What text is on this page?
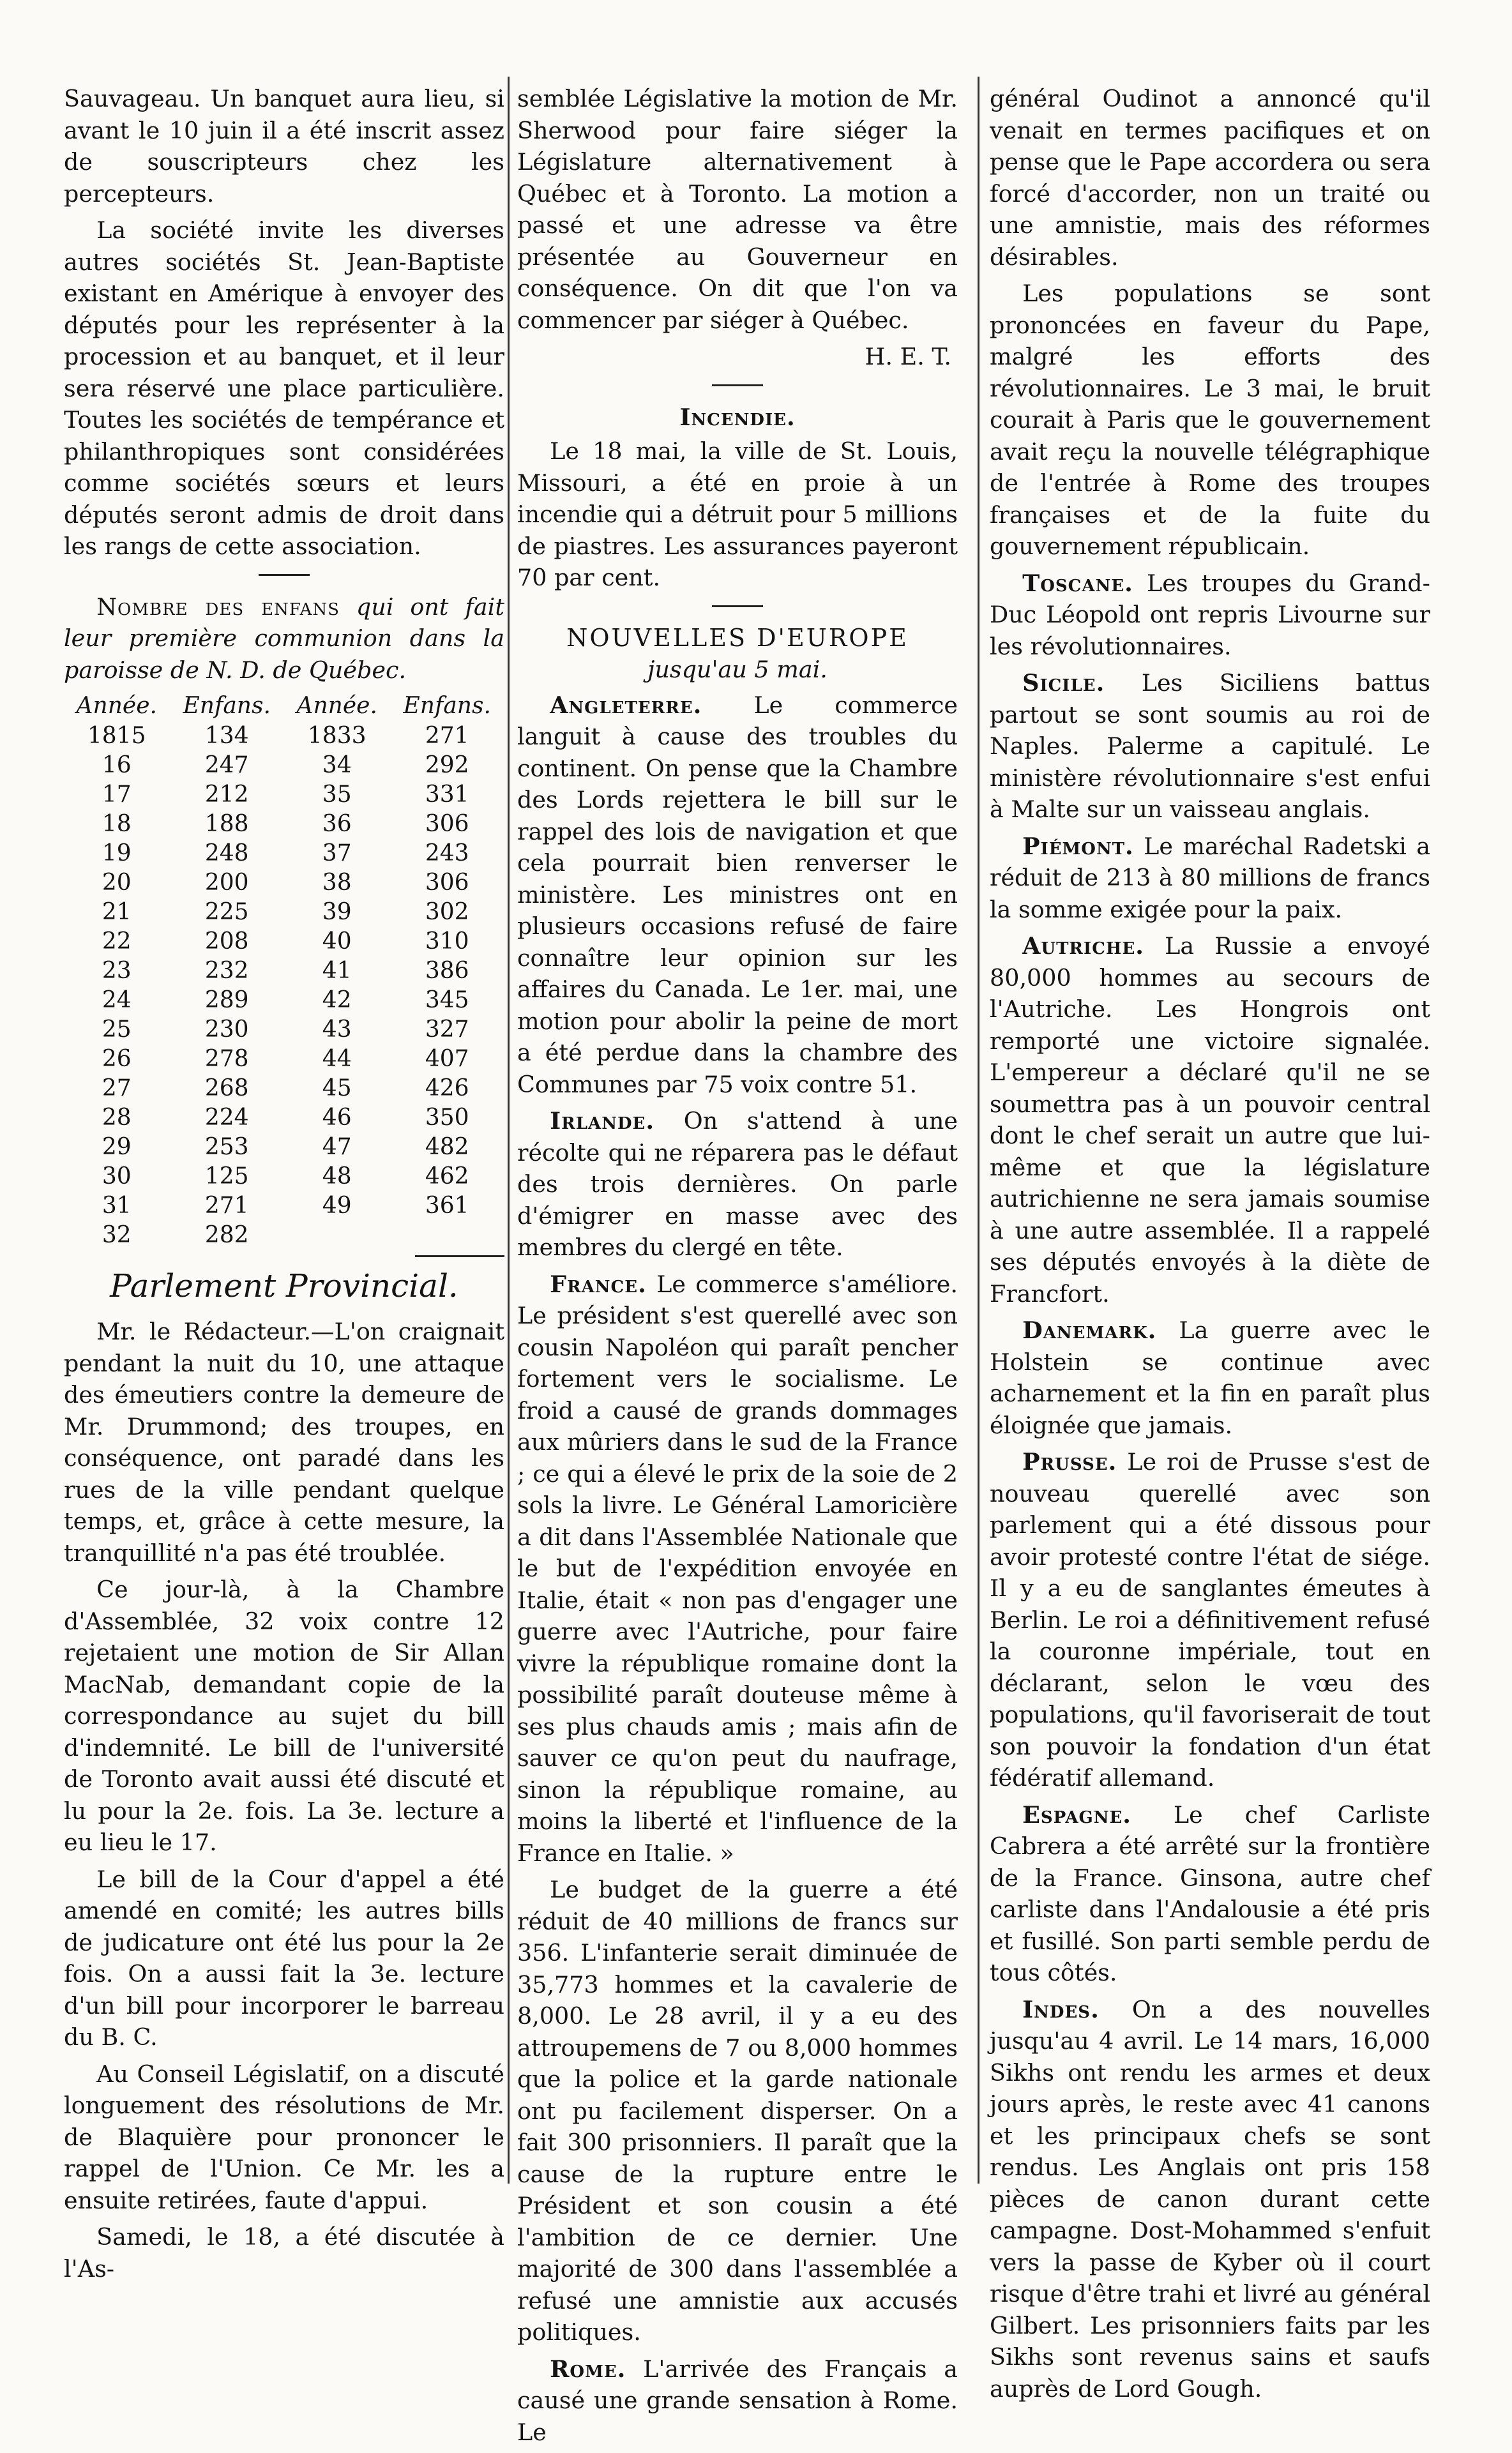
Sauvageau. Un banquet aura lieu, si avant le 10 juin il a été inscrit assez de souscripteurs chez les percepteurs.

La société invite les diverses autres sociétés St. Jean-Baptiste existant en Amérique à envoyer des députés pour les représenter à la procession et au banquet, et il leur sera réservé une place particulière. Toutes les sociétés de tempérance et philanthropiques sont considérées comme sociétés sœurs et leurs députés seront admis de droit dans les rangs de cette association.

Nombre des enfans qui ont fait leur première communion dans la paroisse de N. D. de Québec.

Année.	Enfans.	Année.	Enfans.
1815	134	1833	271
16	247	34	292
17	212	35	331
18	188	36	306
19	248	37	243
20	200	38	306
21	225	39	302
22	208	40	310
23	232	41	386
24	289	42	345
25	230	43	327
26	278	44	407
27	268	45	426
28	224	46	350
29	253	47	482
30	125	48	462
31	271	49	361
32	282		
Parlement Provincial.

Mr. le Rédacteur.—L'on craignait pendant la nuit du 10, une attaque des émeutiers contre la demeure de Mr. Drummond; des troupes, en conséquence, ont paradé dans les rues de la ville pendant quelque temps, et, grâce à cette mesure, la tranquillité n'a pas été troublée.

Ce jour-là, à la Chambre d'Assemblée, 32 voix contre 12 rejetaient une motion de Sir Allan MacNab, demandant copie de la correspondance au sujet du bill d'indemnité. Le bill de l'université de Toronto avait aussi été discuté et lu pour la 2e. fois. La 3e. lecture a eu lieu le 17.

Le bill de la Cour d'appel a été amendé en comité; les autres bills de judicature ont été lus pour la 2e fois. On a aussi fait la 3e. lecture d'un bill pour incorporer le barreau du B. C.

Au Conseil Législatif, on a discuté longuement des résolutions de Mr. de Blaquière pour prononcer le rappel de l'Union. Ce Mr. les a ensuite retirées, faute d'appui.

Samedi, le 18, a été discutée à l'As-

semblée Législative la motion de Mr. Sherwood pour faire siéger la Législature alternativement à Québec et à Toronto. La motion a passé et une adresse va être présentée au Gouverneur en conséquence. On dit que l'on va commencer par siéger à Québec.

H. E. T.
Incendie.

Le 18 mai, la ville de St. Louis, Missouri, a été en proie à un incendie qui a détruit pour 5 millions de piastres. Les assurances payeront 70 par cent.

NOUVELLES D'EUROPE
jusqu'au 5 mai.

Angleterre. Le commerce languit à cause des troubles du continent. On pense que la Chambre des Lords rejettera le bill sur le rappel des lois de navigation et que cela pourrait bien renverser le ministère. Les ministres ont en plusieurs occasions refusé de faire connaître leur opinion sur les affaires du Canada. Le 1er. mai, une motion pour abolir la peine de mort a été perdue dans la chambre des Communes par 75 voix contre 51.

Irlande. On s'attend à une récolte qui ne réparera pas le défaut des trois dernières. On parle d'émigrer en masse avec des membres du clergé en tête.

France. Le commerce s'améliore. Le président s'est querellé avec son cousin Napoléon qui paraît pencher fortement vers le socialisme. Le froid a causé de grands dommages aux mûriers dans le sud de la France ; ce qui a élevé le prix de la soie de 2 sols la livre. Le Général Lamoricière a dit dans l'Assemblée Nationale que le but de l'expédition envoyée en Italie, était « non pas d'engager une guerre avec l'Autriche, pour faire vivre la république romaine dont la possibilité paraît douteuse même à ses plus chauds amis ; mais afin de sauver ce qu'on peut du naufrage, sinon la république romaine, au moins la liberté et l'influence de la France en Italie. »

Le budget de la guerre a été réduit de 40 millions de francs sur 356. L'infanterie serait diminuée de 35,773 hommes et la cavalerie de 8,000. Le 28 avril, il y a eu des attroupemens de 7 ou 8,000 hommes que la police et la garde nationale ont pu facilement disperser. On a fait 300 prisonniers. Il paraît que la cause de la rupture entre le Président et son cousin a été l'ambition de ce dernier. Une majorité de 300 dans l'assemblée a refusé une amnistie aux accusés politiques.

Rome. L'arrivée des Français a causé une grande sensation à Rome. Le

général Oudinot a annoncé qu'il venait en termes pacifiques et on pense que le Pape accordera ou sera forcé d'accorder, non un traité ou une amnistie, mais des réformes désirables.

Les populations se sont prononcées en faveur du Pape, malgré les efforts des révolutionnaires. Le 3 mai, le bruit courait à Paris que le gouvernement avait reçu la nouvelle télégraphique de l'entrée à Rome des troupes françaises et de la fuite du gouvernement républicain.

Toscane. Les troupes du Grand-Duc Léopold ont repris Livourne sur les révolutionnaires.

Sicile. Les Siciliens battus partout se sont soumis au roi de Naples. Palerme a capitulé. Le ministère révolutionnaire s'est enfui à Malte sur un vaisseau anglais.

Piémont. Le maréchal Radetski a réduit de 213 à 80 millions de francs la somme exigée pour la paix.

Autriche. La Russie a envoyé 80,000 hommes au secours de l'Autriche. Les Hongrois ont remporté une victoire signalée. L'empereur a déclaré qu'il ne se soumettra pas à un pouvoir central dont le chef serait un autre que lui-même et que la législature autrichienne ne sera jamais soumise à une autre assemblée. Il a rappelé ses députés envoyés à la diète de Francfort.

Danemark. La guerre avec le Holstein se continue avec acharnement et la fin en paraît plus éloignée que jamais.

Prusse. Le roi de Prusse s'est de nouveau querellé avec son parlement qui a été dissous pour avoir protesté contre l'état de siége. Il y a eu de sanglantes émeutes à Berlin. Le roi a définitivement refusé la couronne impériale, tout en déclarant, selon le vœu des populations, qu'il favoriserait de tout son pouvoir la fondation d'un état fédératif allemand.

Espagne. Le chef Carliste Cabrera a été arrêté sur la frontière de la France. Ginsona, autre chef carliste dans l'Andalousie a été pris et fusillé. Son parti semble perdu de tous côtés.

Indes. On a des nouvelles jusqu'au 4 avril. Le 14 mars, 16,000 Sikhs ont rendu les armes et deux jours après, le reste avec 41 canons et les principaux chefs se sont rendus. Les Anglais ont pris 158 pièces de canon durant cette campagne. Dost-Mohammed s'enfuit vers la passe de Kyber où il court risque d'être trahi et livré au général Gilbert. Les prisonniers faits par les Sikhs sont revenus sains et saufs auprès de Lord Gough.
